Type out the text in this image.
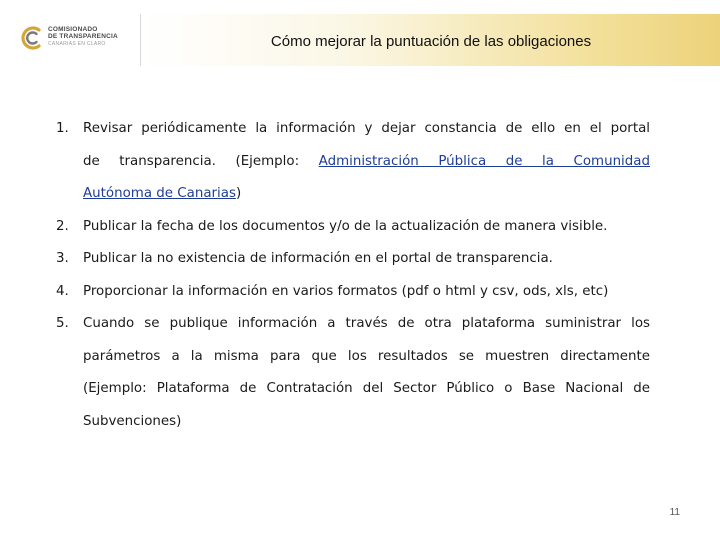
COMISIONADO
DE TRANSPARENCIA
CANARIAS EN CLARO	Cómo mejorar la puntuación de las obligaciones
1. Revisar periódicamente la información y dejar constancia de ello en el portal
de transparencia. (Ejemplo: Administración Pública de la Comunidad
Autónoma de Canarias)
2. Publicar la fecha de los documentos y/o de la actualización de manera visible.
3. Publicar la no existencia de información en el portal de transparencia.
4. Proporcionar la información en varios formatos (pdf o html y csv, ods, xls, etc)
5. Cuando se publique información a través de otra plataforma suministrar los
parámetros a la misma para que los resultados se muestren directamente
(Ejemplo: Plataforma de Contratación del Sector Público o Base Nacional de
Subvenciones)
11
